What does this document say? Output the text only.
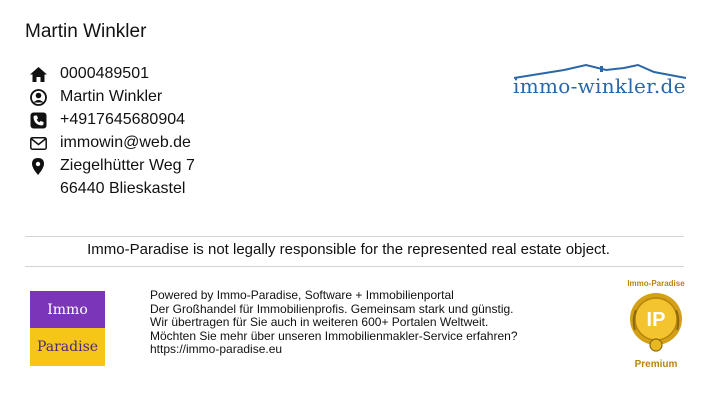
Martin Winkler
0000489501
Martin Winkler
+4917645680904
immowin@web.de
Ziegelhütter Weg 7
66440 Blieskastel
immo-winkler.de
Immo-Paradise is not legally responsible for the represented real estate object.
Immo
Paradise
Powered by Immo-Paradise, Software + Immobilienportal
Der Großhandel für Immobilienprofis. Gemeinsam stark und günstig.
Wir übertragen für Sie auch in weiteren 600+ Portalen Weltweit.
Möchten Sie mehr über unseren Immobilienmakler-Service erfahren?
https://immo-paradise.eu
Immo-Paradise
IP
Premium
